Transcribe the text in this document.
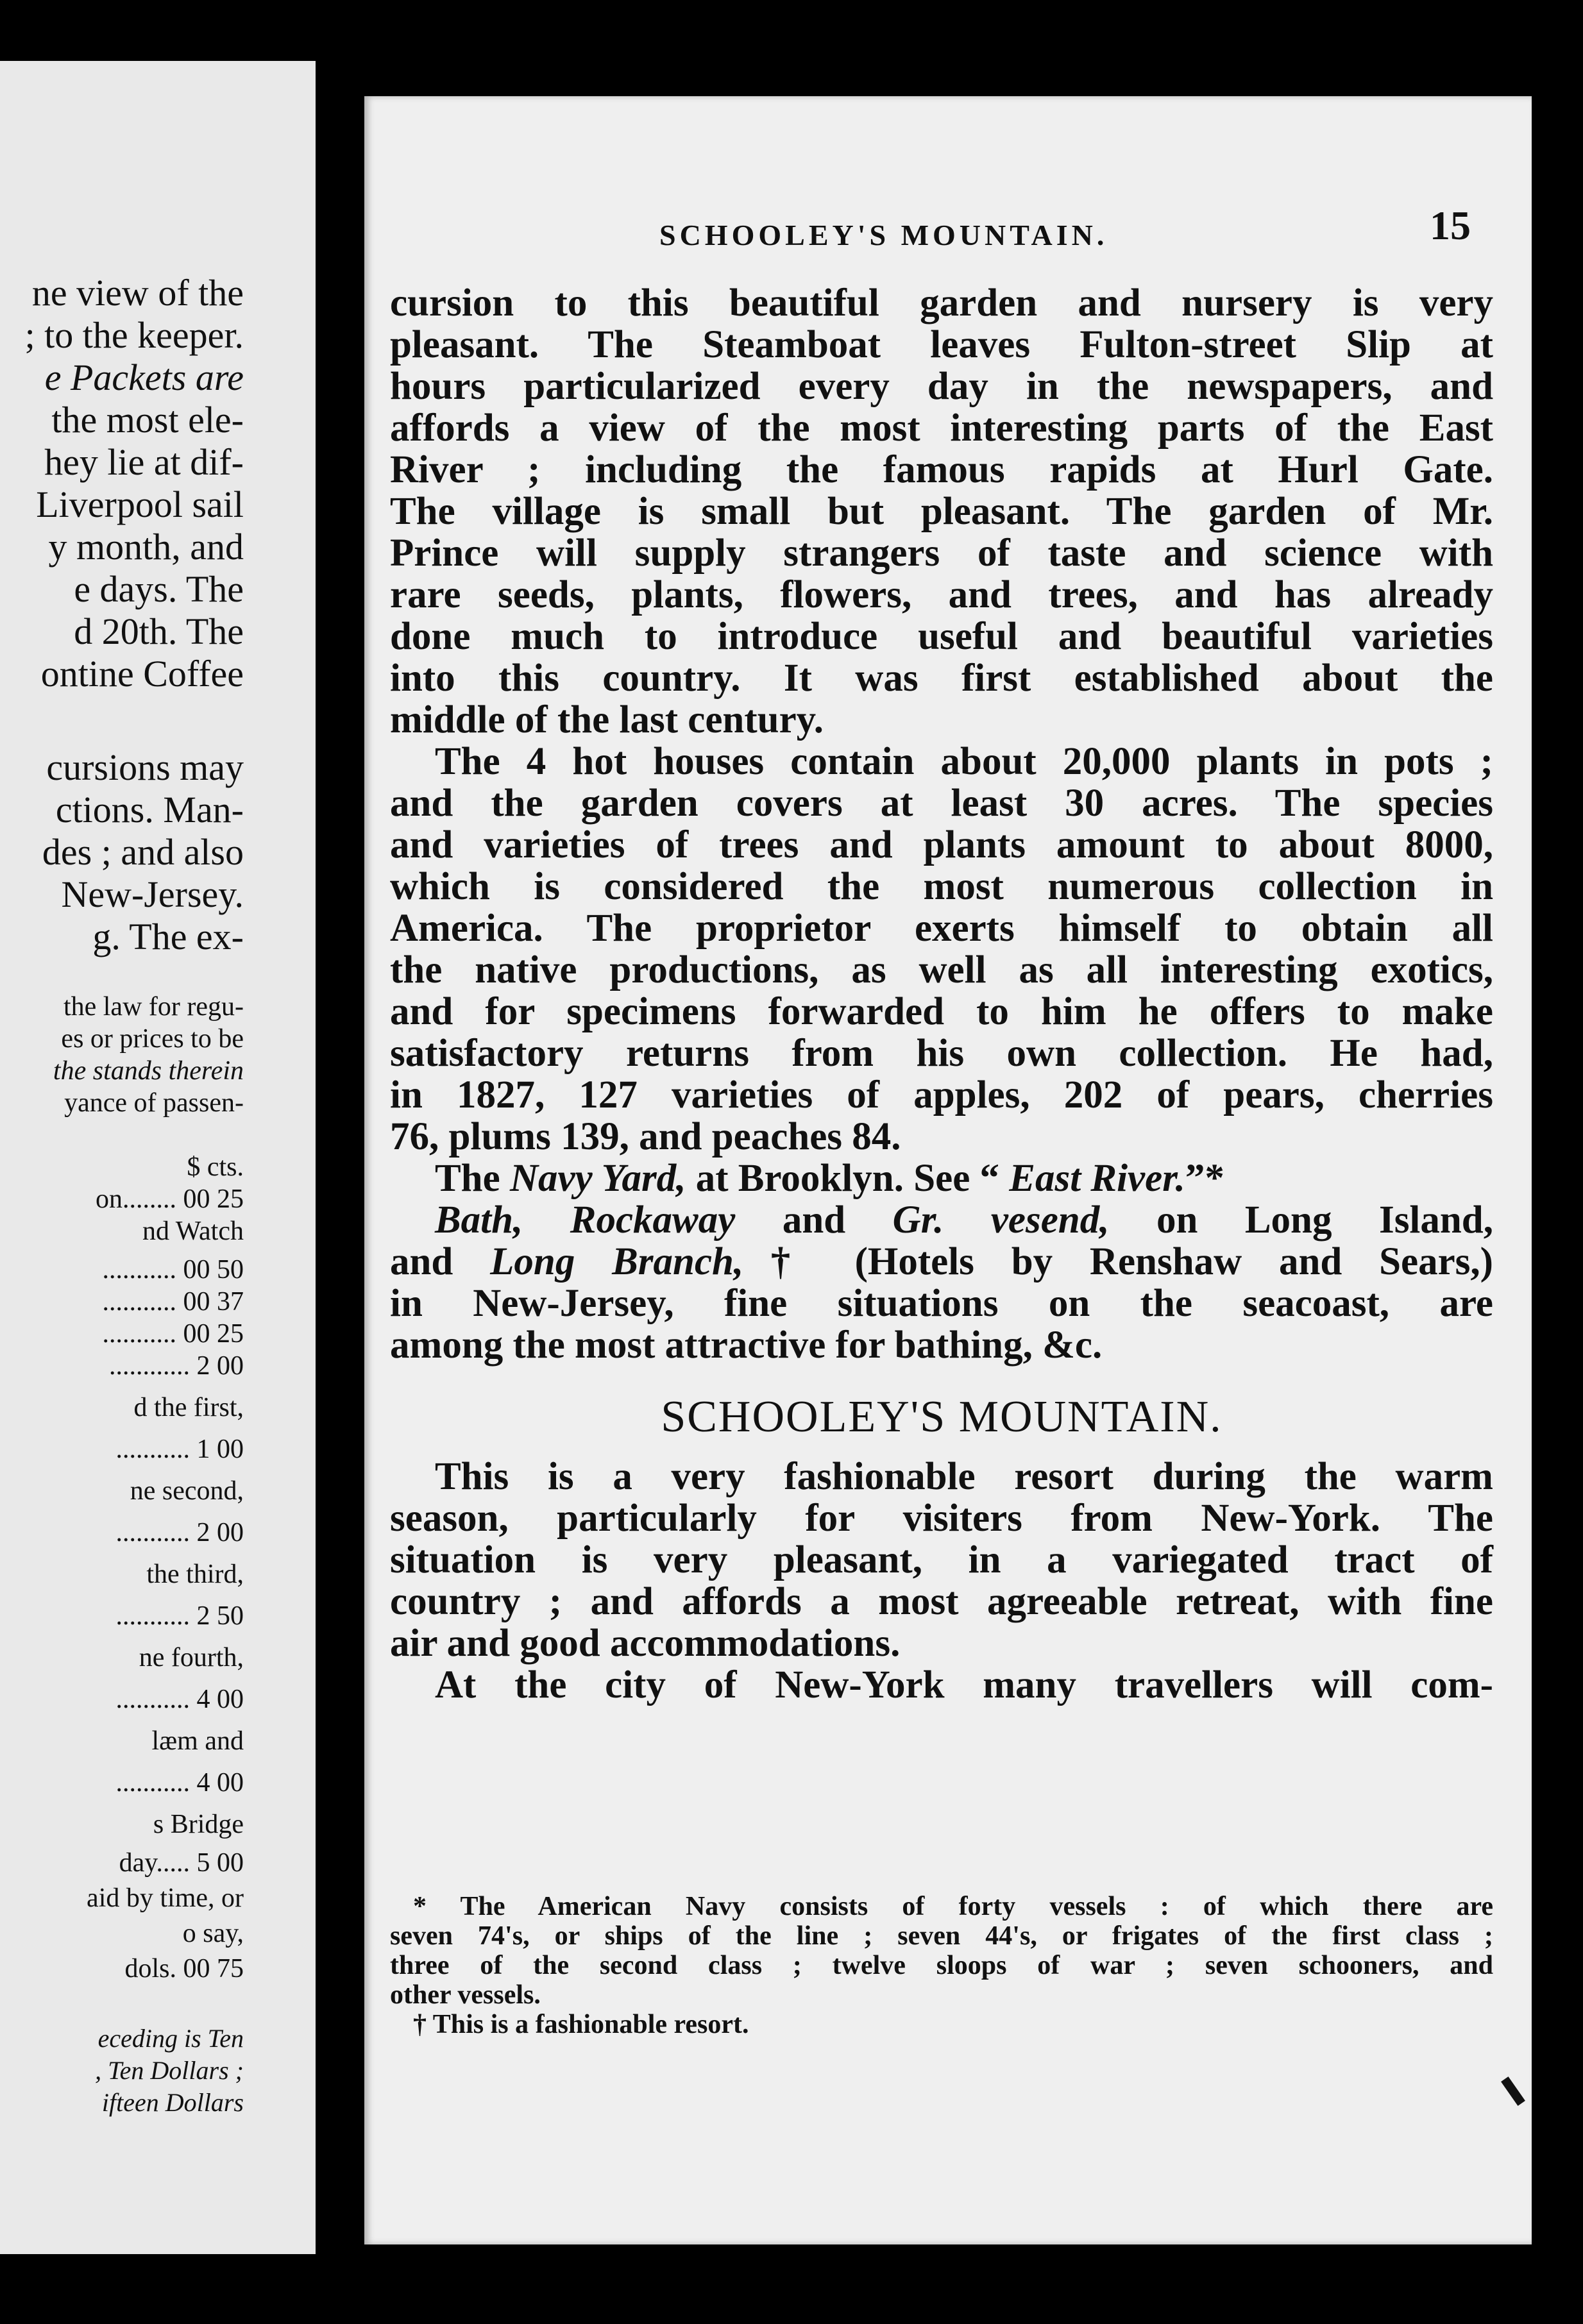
ne view of the
; to the keeper.
e Packets are
the most ele-
hey lie at dif-
Liverpool sail
y month, and
e days. The
d 20th. The
ontine Coffee
cursions may
ctions. Man-
des ; and also
New-Jersey.
g. The ex-
the law for regu-
es or prices to be
the stands therein
yance of passen-
$ cts.
on........ 00 25
nd Watch
........... 00 50
........... 00 37
........... 00 25
............ 2 00
d the first,
........... 1 00
ne second,
........... 2 00
the third,
........... 2 50
ne fourth,
........... 4 00
læm and
........... 4 00
s Bridge
day..... 5 00
aid by time, or
o say,
dols. 00 75
eceding is Ten
, Ten Dollars ;
ifteen Dollars
SCHOOLEY'S MOUNTAIN.	15
cursion to this beautiful garden and nursery is very
pleasant. The Steamboat leaves Fulton-street Slip at
hours particularized every day in the newspapers, and
affords a view of the most interesting parts of the East
River ; including the famous rapids at Hurl Gate.
The village is small but pleasant. The garden of Mr.
Prince will supply strangers of taste and science with
rare seeds, plants, flowers, and trees, and has already
done much to introduce useful and beautiful varieties
into this country. It was first established about the
middle of the last century.
The 4 hot houses contain about 20,000 plants in pots ;
and the garden covers at least 30 acres. The species
and varieties of trees and plants amount to about 8000,
which is considered the most numerous collection in
America. The proprietor exerts himself to obtain all
the native productions, as well as all interesting exotics,
and for specimens forwarded to him he offers to make
satisfactory returns from his own collection. He had,
in 1827, 127 varieties of apples, 202 of pears, cherries
76, plums 139, and peaches 84.
The Navy Yard, at Brooklyn. See “ East River.”*
Bath, Rockaway and Gr. vesend, on Long Island,
and Long Branch,† (Hotels by Renshaw and Sears,)
in New-Jersey, fine situations on the seacoast, are
among the most attractive for bathing, &c.
SCHOOLEY'S MOUNTAIN.
This is a very fashionable resort during the warm
season, particularly for visiters from New-York. The
situation is very pleasant, in a variegated tract of
country ; and affords a most agreeable retreat, with fine
air and good accommodations.
At the city of New-York many travellers will com-
* The American Navy consists of forty vessels : of which there are
seven 74's, or ships of the line ; seven 44's, or frigates of the first class ;
three of the second class ; twelve sloops of war ; seven schooners, and
other vessels.
† This is a fashionable resort.
